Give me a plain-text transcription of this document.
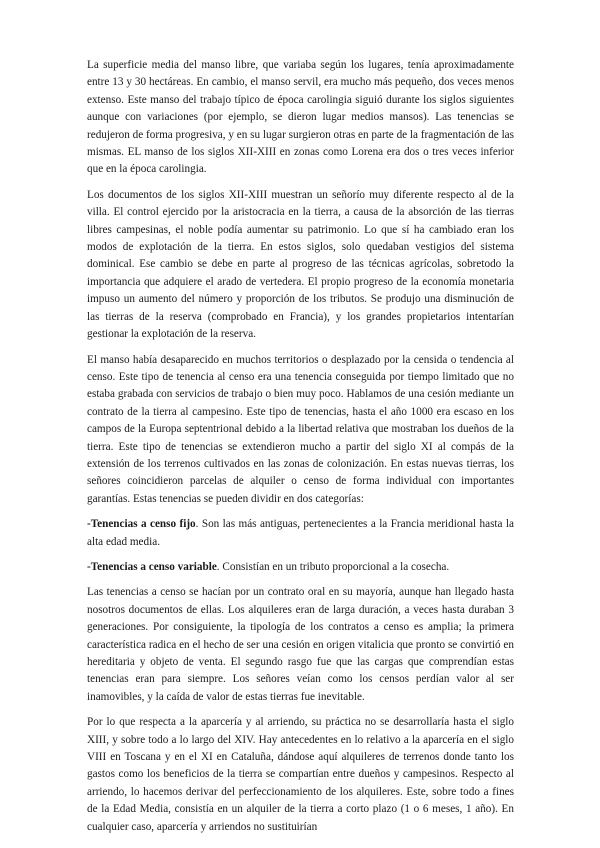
La superficie media del manso libre, que variaba según los lugares, tenía aproximadamente entre 13 y 30 hectáreas. En cambio, el manso servil, era mucho más pequeño, dos veces menos extenso. Este manso del trabajo típico de época carolingia siguió durante los siglos siguientes aunque con variaciones (por ejemplo, se dieron lugar medios mansos). Las tenencias se redujeron de forma progresiva, y en su lugar surgieron otras en parte de la fragmentación de las mismas. EL manso de los siglos XII-XIII en zonas como Lorena era dos o tres veces inferior que en la época carolingia.

Los documentos de los siglos XII-XIII muestran un señorío muy diferente respecto al de la villa. El control ejercido por la aristocracia en la tierra, a causa de la absorción de las tierras libres campesinas, el noble podía aumentar su patrimonio. Lo que sí ha cambiado eran los modos de explotación de la tierra. En estos siglos, solo quedaban vestigios del sistema dominical. Ese cambio se debe en parte al progreso de las técnicas agrícolas, sobretodo la importancia que adquiere el arado de vertedera. El propio progreso de la economía monetaria impuso un aumento del número y proporción de los tributos. Se produjo una disminución de las tierras de la reserva (comprobado en Francia), y los grandes propietarios intentarían gestionar la explotación de la reserva.

El manso había desaparecido en muchos territorios o desplazado por la censida o tendencia al censo. Este tipo de tenencia al censo era una tenencia conseguida por tiempo limitado que no estaba grabada con servicios de trabajo o bien muy poco. Hablamos de una cesión mediante un contrato de la tierra al campesino. Este tipo de tenencias, hasta el año 1000 era escaso en los campos de la Europa septentrional debido a la libertad relativa que mostraban los dueños de la tierra. Este tipo de tenencias se extendieron mucho a partir del siglo XI al compás de la extensión de los terrenos cultivados en las zonas de colonización. En estas nuevas tierras, los señores coincidieron parcelas de alquiler o censo de forma individual con importantes garantías. Estas tenencias se pueden dividir en dos categorías:

-Tenencias a censo fijo. Son las más antiguas, pertenecientes a la Francia meridional hasta la alta edad media.

-Tenencias a censo variable. Consistían en un tributo proporcional a la cosecha.

Las tenencias a censo se hacían por un contrato oral en su mayoría, aunque han llegado hasta nosotros documentos de ellas. Los alquileres eran de larga duración, a veces hasta duraban 3 generaciones. Por consiguiente, la tipología de los contratos a censo es amplia; la primera característica radica en el hecho de ser una cesión en origen vitalicia que pronto se convirtió en hereditaria y objeto de venta. El segundo rasgo fue que las cargas que comprendían estas tenencias eran para siempre. Los señores veían como los censos perdían valor al ser inamovibles, y la caída de valor de estas tierras fue inevitable.

Por lo que respecta a la aparcería y al arriendo, su práctica no se desarrollaría hasta el siglo XIII, y sobre todo a lo largo del XIV. Hay antecedentes en lo relativo a la aparcería en el siglo VIII en Toscana y en el XI en Cataluña, dándose aquí alquileres de terrenos donde tanto los gastos como los beneficios de la tierra se compartían entre dueños y campesinos. Respecto al arriendo, lo hacemos derivar del perfeccionamiento de los alquileres. Este, sobre todo a fines de la Edad Media, consistía en un alquiler de la tierra a corto plazo (1 o 6 meses, 1 año). En cualquier caso, aparcería y arriendos no sustituirían
